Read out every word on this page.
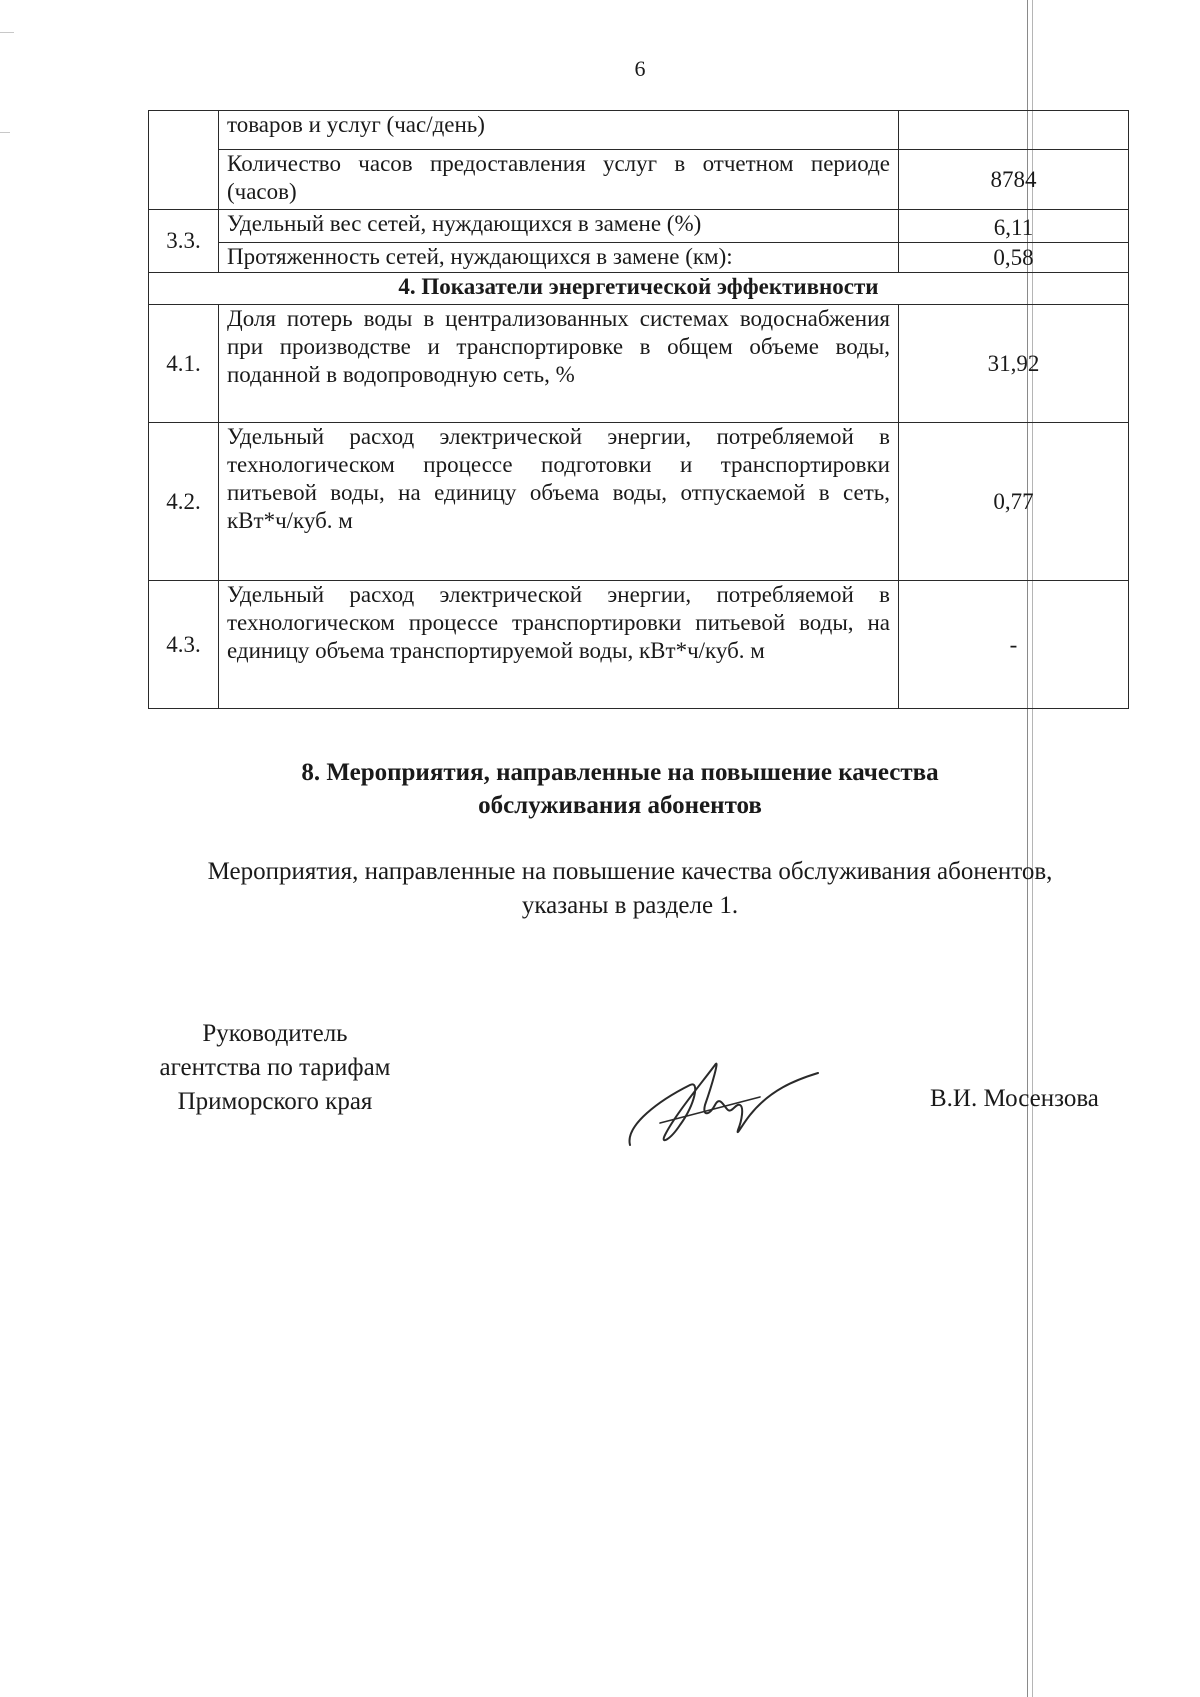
6
	товаров и услуг (час/день)	
	Количество часов предоставления услуг в отчетном периоде (часов)	8784
3.3.	Удельный вес сетей, нуждающихся в замене (%)	6,11
	Протяженность сетей, нуждающихся в замене (км):	0,58
4. Показатели энергетической эффективности		
4.1.	Доля потерь воды в централизованных системах водоснабжения при производстве и транспортировке в общем объеме воды, поданной в водопроводную сеть, %	31,92
4.2.	Удельный расход электрической энергии, потребляемой в технологическом процессе подготовки и транспортировки питьевой воды, на единицу объема воды, отпускаемой в сеть, кВт*ч/куб. м	0,77
4.3.	Удельный расход электрической энергии, потребляемой в технологическом процессе транспортировки питьевой воды, на единицу объема транспортируемой воды, кВт*ч/куб. м	-
8. Мероприятия, направленные на повышение качества обслуживания абонентов
Мероприятия, направленные на повышение качества обслуживания абонентов, указаны в разделе 1.
Руководитель
агентства по тарифам
Приморского края	В.И. Мосензова
